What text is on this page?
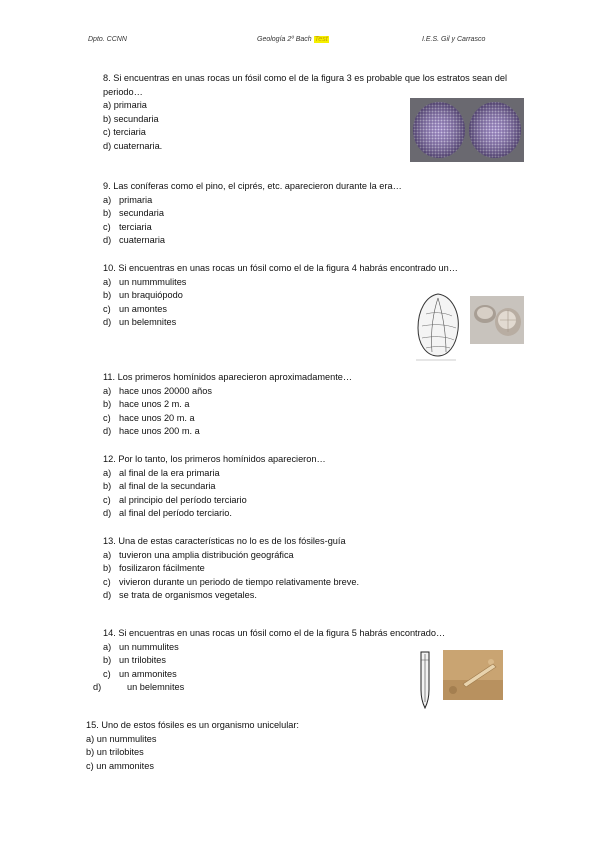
Dpto. CCNN	Geología 2º Bach Test	I.E.S. Gil y Carrasco
8. Si encuentras en unas rocas un fósil como el de la figura 3 es probable que los estratos sean del
periodo…
a) primaria
b) secundaria
c) terciaria
d) cuaternaria.
9. Las coníferas como el pino, el ciprés, etc. aparecieron durante la era…
a) primaria
b) secundaria
c) terciaria
d) cuaternaria
10. Si encuentras en unas rocas un fósil como el de la figura 4 habrás encontrado un…
a) un nummmulites
b) un braquiópodo
c) un amontes
d) un belemnites
11. Los primeros homínidos aparecieron aproximadamente…
a) hace unos 20000 años
b) hace unos 2 m. a
c) hace unos 20 m. a
d) hace unos 200 m. a
12. Por lo tanto, los primeros homínidos aparecieron…
a) al final de la era primaria
b) al final de la secundaria
c) al principio del período terciario
d) al final del período terciario.
13. Una de estas características no lo es de los fósiles-guía
a) tuvieron una amplia distribución geográfica
b) fosilizaron fácilmente
c) vivieron durante un periodo de tiempo relativamente breve.
d) se trata de organismos vegetales.
14. Si encuentras en unas rocas un fósil como el de la figura 5 habrás encontrado…
a) un nummulites
b) un trilobites
c) un ammonites
d)	un belemnites
15. Uno de estos fósiles es un organismo unicelular:
a) un nummulites
b) un trilobites
c) un ammonites
